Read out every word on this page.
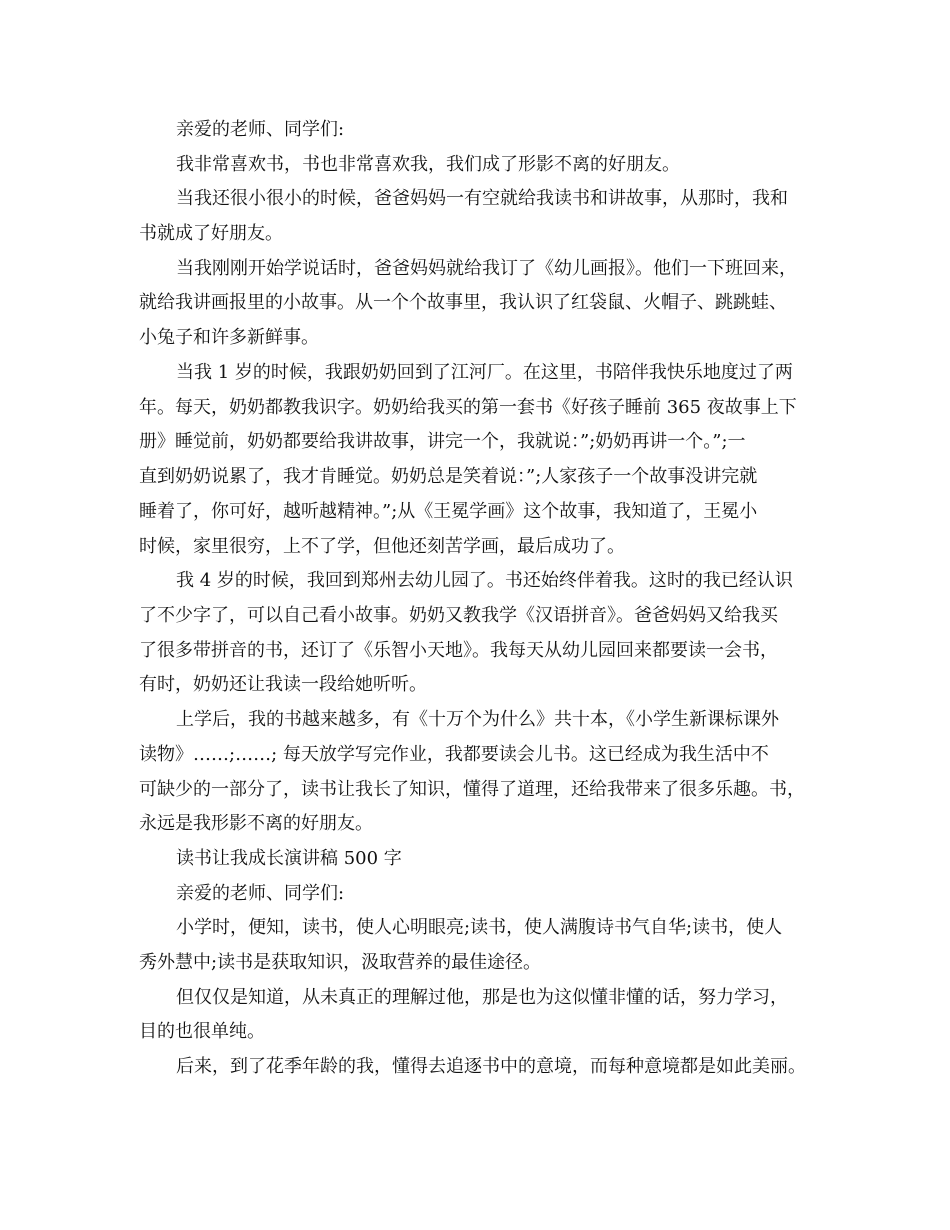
亲爱的老师、同学们:
我非常喜欢书，书也非常喜欢我，我们成了形影不离的好朋友。
当我还很小很小的时候，爸爸妈妈一有空就给我读书和讲故事，从那时，我和
书就成了好朋友。
当我刚刚开始学说话时，爸爸妈妈就给我订了《幼儿画报》。他们一下班回来，
就给我讲画报里的小故事。从一个个故事里，我认识了红袋鼠、火帽子、跳跳蛙、
小兔子和许多新鲜事。
当我 1 岁的时候，我跟奶奶回到了江河厂。在这里，书陪伴我快乐地度过了两
年。每天，奶奶都教我识字。奶奶给我买的第一套书《好孩子睡前 365 夜故事上下
册》睡觉前，奶奶都要给我讲故事，讲完一个，我就说：”;奶奶再讲一个。”;一
直到奶奶说累了，我才肯睡觉。奶奶总是笑着说：”;人家孩子一个故事没讲完就
睡着了，你可好，越听越精神。”;从《王冕学画》这个故事，我知道了，王冕小
时候，家里很穷，上不了学，但他还刻苦学画，最后成功了。
我 4 岁的时候，我回到郑州去幼儿园了。书还始终伴着我。这时的我已经认识
了不少字了，可以自己看小故事。奶奶又教我学《汉语拼音》。爸爸妈妈又给我买
了很多带拼音的书，还订了《乐智小天地》。我每天从幼儿园回来都要读一会书，
有时，奶奶还让我读一段给她听听。
上学后，我的书越来越多，有《十万个为什么》共十本，《小学生新课标课外
读物》……;……; 每天放学写完作业，我都要读会儿书。这已经成为我生活中不
可缺少的一部分了，读书让我长了知识，懂得了道理，还给我带来了很多乐趣。书，
永远是我形影不离的好朋友。
读书让我成长演讲稿 500 字
亲爱的老师、同学们:
小学时，便知，读书，使人心明眼亮;读书，使人满腹诗书气自华;读书，使人
秀外慧中;读书是获取知识，汲取营养的最佳途径。
但仅仅是知道，从未真正的理解过他，那是也为这似懂非懂的话，努力学习，
目的也很单纯。
后来，到了花季年龄的我，懂得去追逐书中的意境，而每种意境都是如此美丽。
